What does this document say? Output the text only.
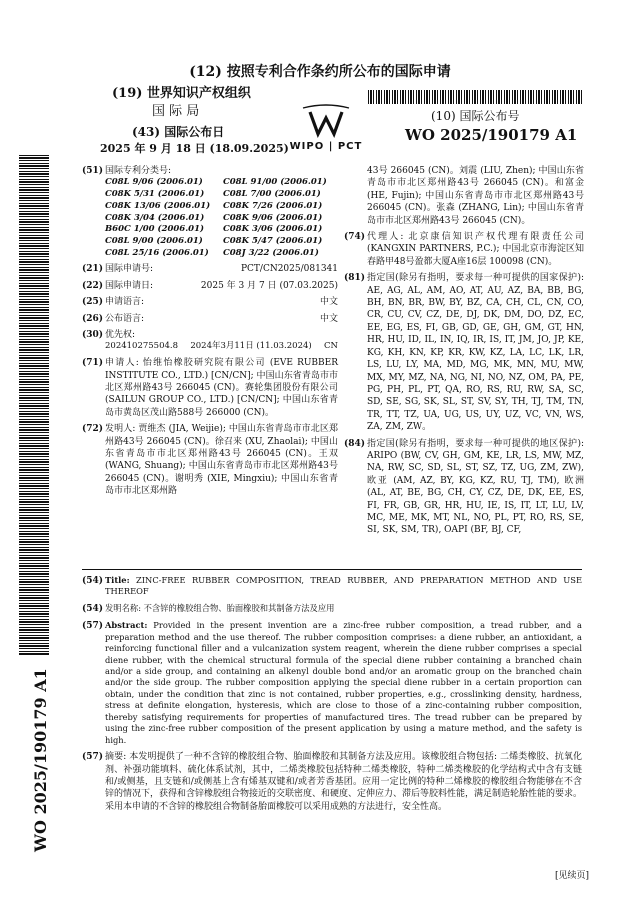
(12) 按照专利合作条约所公布的国际申请
(19) 世界知识产权组织
国 际 局
(43) 国际公布日
2025 年 9 月 18 日 (18.09.2025) WIPO | PCT
(10) 国际公布号
WO 2025/190179 A1
(51) 国际专利分类号:
C08L 9/06 (2006.01)	C08L 91/00 (2006.01)
C08K 5/31 (2006.01)	C08L 7/00 (2006.01)
C08K 13/06 (2006.01)	C08K 7/26 (2006.01)
C08K 3/04 (2006.01)	C08K 9/06 (2006.01)
B60C 1/00 (2006.01)	C08K 3/06 (2006.01)
C08L 9/00 (2006.01)	C08K 5/47 (2006.01)
C08L 25/16 (2006.01)	C08J 3/22 (2006.01)
(21) 国际申请号:	PCT/CN2025/081341
(22) 国际申请日:	2025 年 3 月 7 日 (07.03.2025)
(25) 申请语言:	中文
(26) 公布语言:	中文
(30) 优先权:
202410275504.8 2024年3月11日 (11.03.2024) CN
(71) 申请人: 怡维怡橡胶研究院有限公司 (EVE RUBBER INSTITUTE CO., LTD.) [CN/CN]; 中国山东省青岛市市北区郑州路43号 266045 (CN)。赛轮集团股份有限公司 (SAILUN GROUP CO., LTD.) [CN/CN]; 中国山东省青岛市黄岛区茂山路588号 266000 (CN)。
(72) 发明人: 贾维杰 (JIA, Weijie); 中国山东省青岛市市北区郑州路43号 266045 (CN)。徐召来 (XU, Zhaolai); 中国山东省青岛市市北区郑州路43号 266045 (CN)。王双 (WANG, Shuang); 中国山东省青岛市市北区郑州路43号 266045 (CN)。谢明秀 (XIE, Mingxiu); 中国山东省青岛市市北区郑州路
43号 266045 (CN)。刘震 (LIU, Zhen); 中国山东省青岛市市北区郑州路43号 266045 (CN)。和富金 (HE, Fujin); 中国山东省青岛市市北区郑州路43号 266045 (CN)。张森 (ZHANG, Lin); 中国山东省青岛市市北区郑州路43号 266045 (CN)。
(74) 代理人: 北京康信知识产权代理有限责任公司 (KANGXIN PARTNERS, P.C.); 中国北京市海淀区知春路甲48号盈都大厦A座16层 100098 (CN)。
(81) 指定国(除另有指明，要求每一种可提供的国家保护): AE, AG, AL, AM, AO, AT, AU, AZ, BA, BB, BG, BH, BN, BR, BW, BY, BZ, CA, CH, CL, CN, CO, CR, CU, CV, CZ, DE, DJ, DK, DM, DO, DZ, EC, EE, EG, ES, FI, GB, GD, GE, GH, GM, GT, HN, HR, HU, ID, IL, IN, IQ, IR, IS, IT, JM, JO, JP, KE, KG, KH, KN, KP, KR, KW, KZ, LA, LC, LK, LR, LS, LU, LY, MA, MD, MG, MK, MN, MU, MW, MX, MY, MZ, NA, NG, NI, NO, NZ, OM, PA, PE, PG, PH, PL, PT, QA, RO, RS, RU, RW, SA, SC, SD, SE, SG, SK, SL, ST, SV, SY, TH, TJ, TM, TN, TR, TT, TZ, UA, UG, US, UY, UZ, VC, VN, WS, ZA, ZM, ZW。
(84) 指定国(除另有指明，要求每一种可提供的地区保护): ARIPO (BW, CV, GH, GM, KE, LR, LS, MW, MZ, NA, RW, SC, SD, SL, ST, SZ, TZ, UG, ZM, ZW), 欧亚 (AM, AZ, BY, KG, KZ, RU, TJ, TM), 欧洲 (AL, AT, BE, BG, CH, CY, CZ, DE, DK, EE, ES, FI, FR, GB, GR, HR, HU, IE, IS, IT, LT, LU, LV, MC, ME, MK, MT, NL, NO, PL, PT, RO, RS, SE, SI, SK, SM, TR), OAPI (BF, BJ, CF,
(54) Title: ZINC-FREE RUBBER COMPOSITION, TREAD RUBBER, AND PREPARATION METHOD AND USE THEREOF
(54) 发明名称: 不含锌的橡胶组合物、胎面橡胶和其制备方法及应用
(57) Abstract: Provided in the present invention are a zinc-free rubber composition, a tread rubber, and a preparation method and the use thereof. The rubber composition comprises: a diene rubber, an antioxidant, a reinforcing functional filler and a vulcanization system reagent, wherein the diene rubber comprises a special diene rubber, with the chemical structural formula of the special diene rubber containing a branched chain and/or a side group, and containing an alkenyl double bond and/or an aromatic group on the branched chain and/or the side group. The rubber composition applying the special diene rubber in a certain proportion can obtain, under the condition that zinc is not contained, rubber properties, e.g., crosslinking density, hardness, stress at definite elongation, hysteresis, which are close to those of a zinc-containing rubber composition, thereby satisfying requirements for properties of manufactured tires. The tread rubber can be prepared by using the zinc-free rubber composition of the present application by using a mature method, and the safety is high.
(57) 摘要: 本发明提供了一种不含锌的橡胶组合物、胎面橡胶和其制备方法及应用。该橡胶组合物包括: 二烯类橡胶、抗氧化剂、补强功能填料、硫化体系试剂，其中，二烯类橡胶包括特种二烯类橡胶，特种二烯类橡胶的化学结构式中含有支链和/或侧基，且支链和/或侧基上含有烯基双键和/或者芳香基团。应用一定比例的特种二烯橡胶的橡胶组合物能够在不含锌的情况下，获得和含锌橡胶组合物接近的交联密度、和硬度、定伸应力、滞后等胶料性能，满足制造轮胎性能的要求。采用本申请的不含锌的橡胶组合物制备胎面橡胶可以采用成熟的方法进行，安全性高。
WO 2025/190179 A1
[见续页]
